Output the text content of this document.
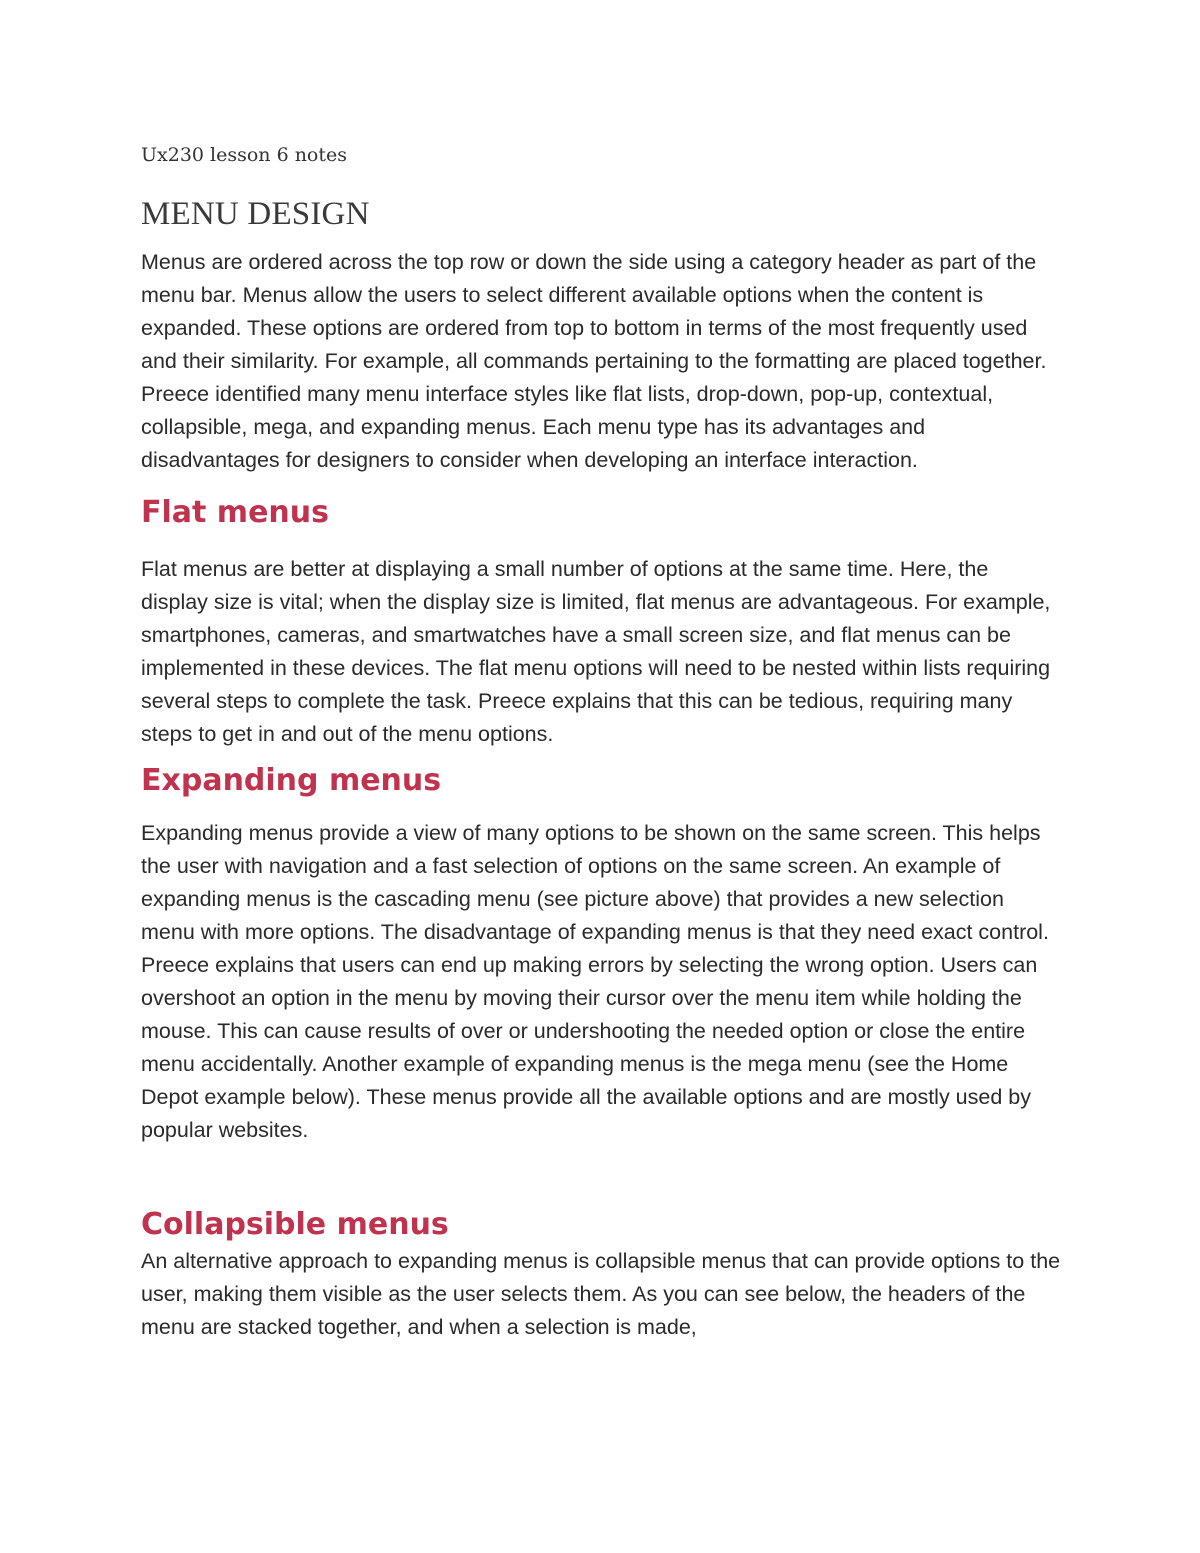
Ux230 lesson 6 notes

MENU DESIGN

Menus are ordered across the top row or down the side using a category header as part of the menu bar. Menus allow the users to select different available options when the content is expanded. These options are ordered from top to bottom in terms of the most frequently used and their similarity. For example, all commands pertaining to the formatting are placed together. Preece identified many menu interface styles like flat lists, drop-down, pop-up, contextual, collapsible, mega, and expanding menus. Each menu type has its advantages and disadvantages for designers to consider when developing an interface interaction.

Flat menus

Flat menus are better at displaying a small number of options at the same time. Here, the display size is vital; when the display size is limited, flat menus are advantageous. For example, smartphones, cameras, and smartwatches have a small screen size, and flat menus can be implemented in these devices. The flat menu options will need to be nested within lists requiring several steps to complete the task. Preece explains that this can be tedious, requiring many steps to get in and out of the menu options.

Expanding menus

Expanding menus provide a view of many options to be shown on the same screen. This helps the user with navigation and a fast selection of options on the same screen. An example of expanding menus is the cascading menu (see picture above) that provides a new selection menu with more options. The disadvantage of expanding menus is that they need exact control. Preece explains that users can end up making errors by selecting the wrong option. Users can overshoot an option in the menu by moving their cursor over the menu item while holding the mouse. This can cause results of over or undershooting the needed option or close the entire menu accidentally. Another example of expanding menus is the mega menu (see the Home Depot example below). These menus provide all the available options and are mostly used by popular websites.

Collapsible menus

An alternative approach to expanding menus is collapsible menus that can provide options to the user, making them visible as the user selects them. As you can see below, the headers of the menu are stacked together, and when a selection is made,
